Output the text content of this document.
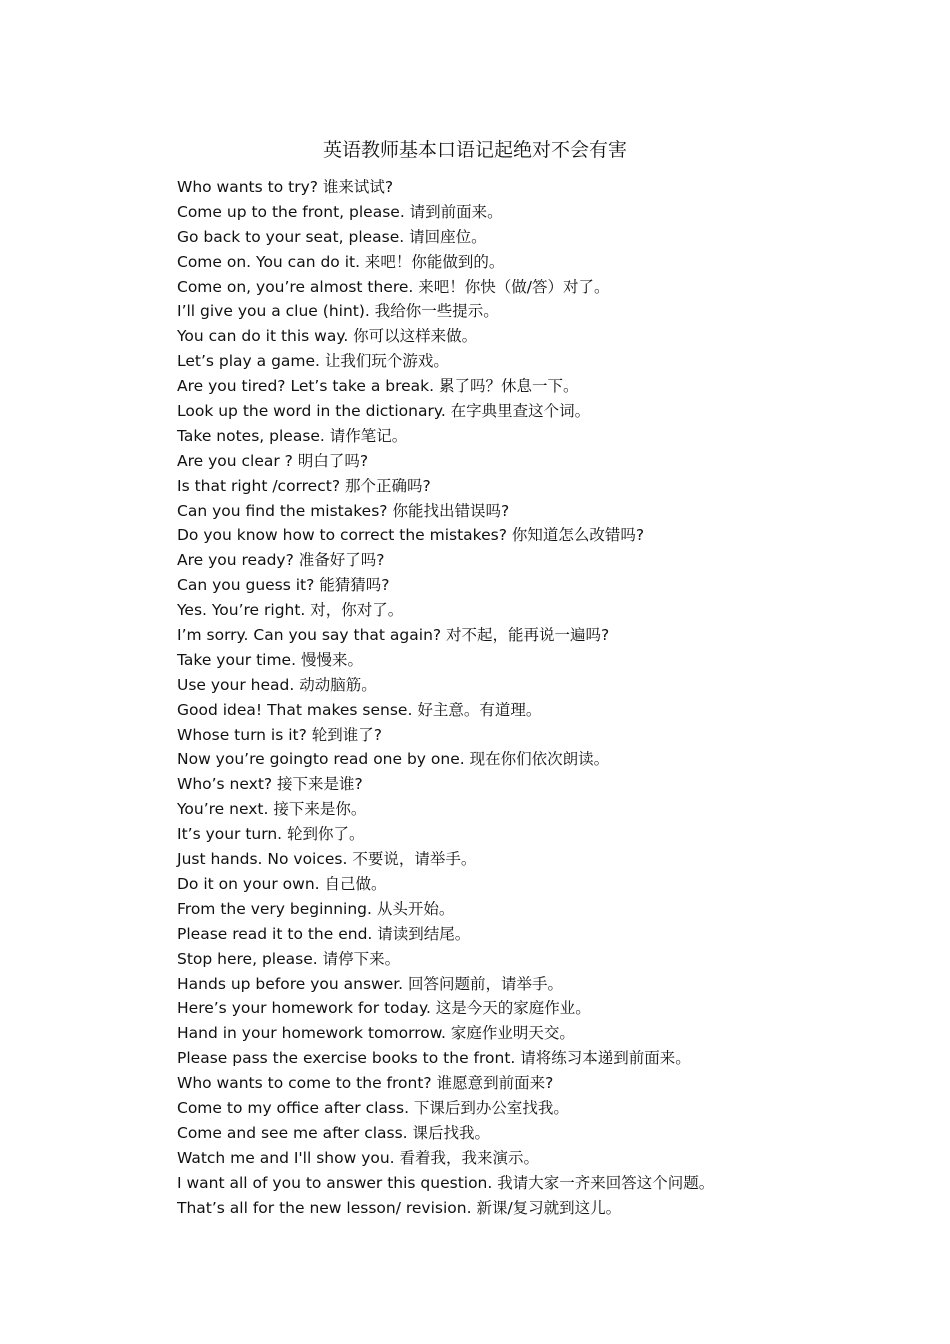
英语教师基本口语记起绝对不会有害
Who wants to try? 谁来试试?
Come up to the front, please. 请到前面来。
Go back to your seat, please. 请回座位。
Come on. You can do it. 来吧！你能做到的。
Come on, you’re almost there. 来吧！你快（做/答）对了。
I’ll give you a clue (hint). 我给你一些提示。
You can do it this way. 你可以这样来做。
Let’s play a game. 让我们玩个游戏。
Are you tired? Let’s take a break. 累了吗？休息一下。
Look up the word in the dictionary. 在字典里查这个词。
Take notes, please. 请作笔记。
Are you clear ? 明白了吗?
Is that right /correct? 那个正确吗?
Can you find the mistakes? 你能找出错误吗?
Do you know how to correct the mistakes? 你知道怎么改错吗?
Are you ready? 准备好了吗?
Can you guess it? 能猜猜吗?
Yes. You’re right. 对，你对了。
I’m sorry. Can you say that again? 对不起，能再说一遍吗?
Take your time. 慢慢来。
Use your head. 动动脑筋。
Good idea! That makes sense. 好主意。有道理。
Whose turn is it? 轮到谁了?
Now you’re goingto read one by one. 现在你们依次朗读。
Who’s next? 接下来是谁?
You’re next. 接下来是你。
It’s your turn. 轮到你了。
Just hands. No voices. 不要说，请举手。
Do it on your own. 自己做。
From the very beginning. 从头开始。
Please read it to the end. 请读到结尾。
Stop here, please. 请停下来。
Hands up before you answer. 回答问题前，请举手。
Here’s your homework for today. 这是今天的家庭作业。
Hand in your homework tomorrow. 家庭作业明天交。
Please pass the exercise books to the front. 请将练习本递到前面来。
Who wants to come to the front? 谁愿意到前面来?
Come to my office after class. 下课后到办公室找我。
Come and see me after class. 课后找我。
Watch me and I'll show you. 看着我，我来演示。
I want all of you to answer this question. 我请大家一齐来回答这个问题。
That’s all for the new lesson/ revision. 新课/复习就到这儿。
